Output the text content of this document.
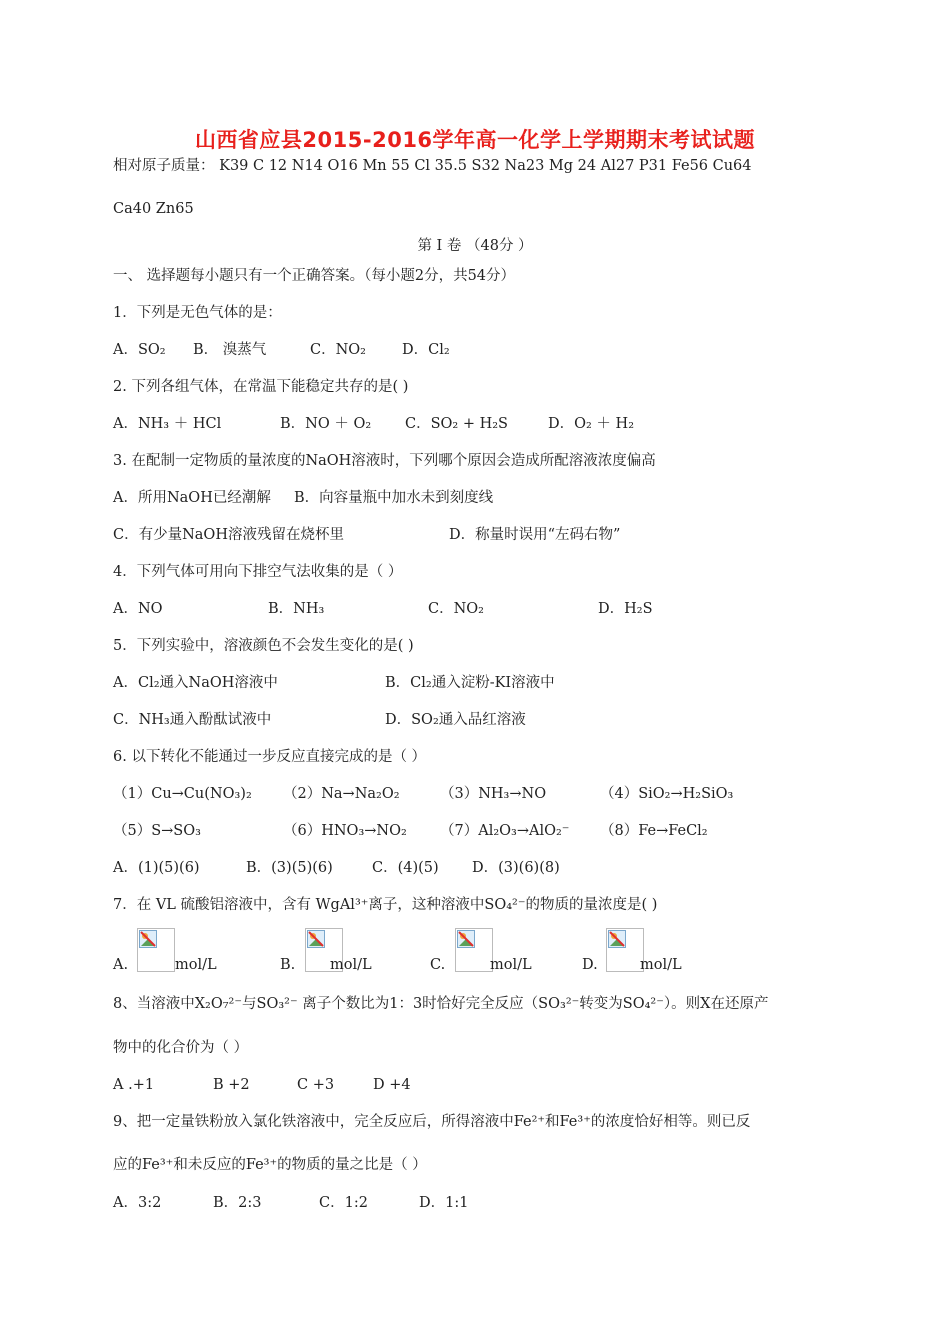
山西省应县2015-2016学年高一化学上学期期末考试试题
相对原子质量： K39 C 12 N14 O16 Mn 55 Cl 35.5 S32 Na23 Mg 24 Al27 P31 Fe56 Cu64
Ca40 Zn65
第 Ⅰ 卷 （48分 ）
一、 选择题每小题只有一个正确答案。（每小题2分，共54分）
1．下列是无色气体的是：
A．SO₂ B． 溴蒸气	C．NO₂ D．Cl₂
2. 下列各组气体，在常温下能稳定共存的是( )
A．NH₃ ＋ HCl	B．NO ＋ O₂ C．SO₂ + H₂S	D．O₂ ＋ H₂
3. 在配制一定物质的量浓度的NaOH溶液时，下列哪个原因会造成所配溶液浓度偏高
A．所用NaOH已经潮解 B．向容量瓶中加水未到刻度线
C．有少量NaOH溶液残留在烧杯里	D．称量时误用“左码右物”
4．下列气体可用向下排空气法收集的是（ ）
A．NO	B．NH₃	C．NO₂	D．H₂S
5．下列实验中，溶液颜色不会发生变化的是( )
A．Cl₂通入NaOH溶液中	B．Cl₂通入淀粉-KI溶液中
C．NH₃通入酚酞试液中	D．SO₂通入品红溶液
6. 以下转化不能通过一步反应直接完成的是（ ）
（1）Cu→Cu(NO₃)₂ （2）Na→Na₂O₂	（3）NH₃→NO	（4）SiO₂→H₂SiO₃
（5）S→SO₃	（6）HNO₃→NO₂ （7）Al₂O₃→AlO₂⁻ （8）Fe→FeCl₂
A．(1)(5)(6)	B．(3)(5)(6)	C．(4)(5) D．(3)(6)(8)
7．在 VL 硫酸铝溶液中，含有 WgAl³⁺离子，这种溶液中SO₄²⁻的物质的量浓度是( )
A.	mol/L	B. mol/L	C.	mol/L	D.	mol/L
8、当溶液中X₂O₇²⁻与SO₃²⁻ 离子个数比为1：3时恰好完全反应（SO₃²⁻转变为SO₄²⁻）。则X在还原产
物中的化合价为（ ）
A .+1	B +2	C +3	D +4
9、把一定量铁粉放入氯化铁溶液中，完全反应后，所得溶液中Fe²⁺和Fe³⁺的浓度恰好相等。则已反
应的Fe³⁺和未反应的Fe³⁺的物质的量之比是（ ）
A．3:2	B．2:3	C．1:2	D．1:1
